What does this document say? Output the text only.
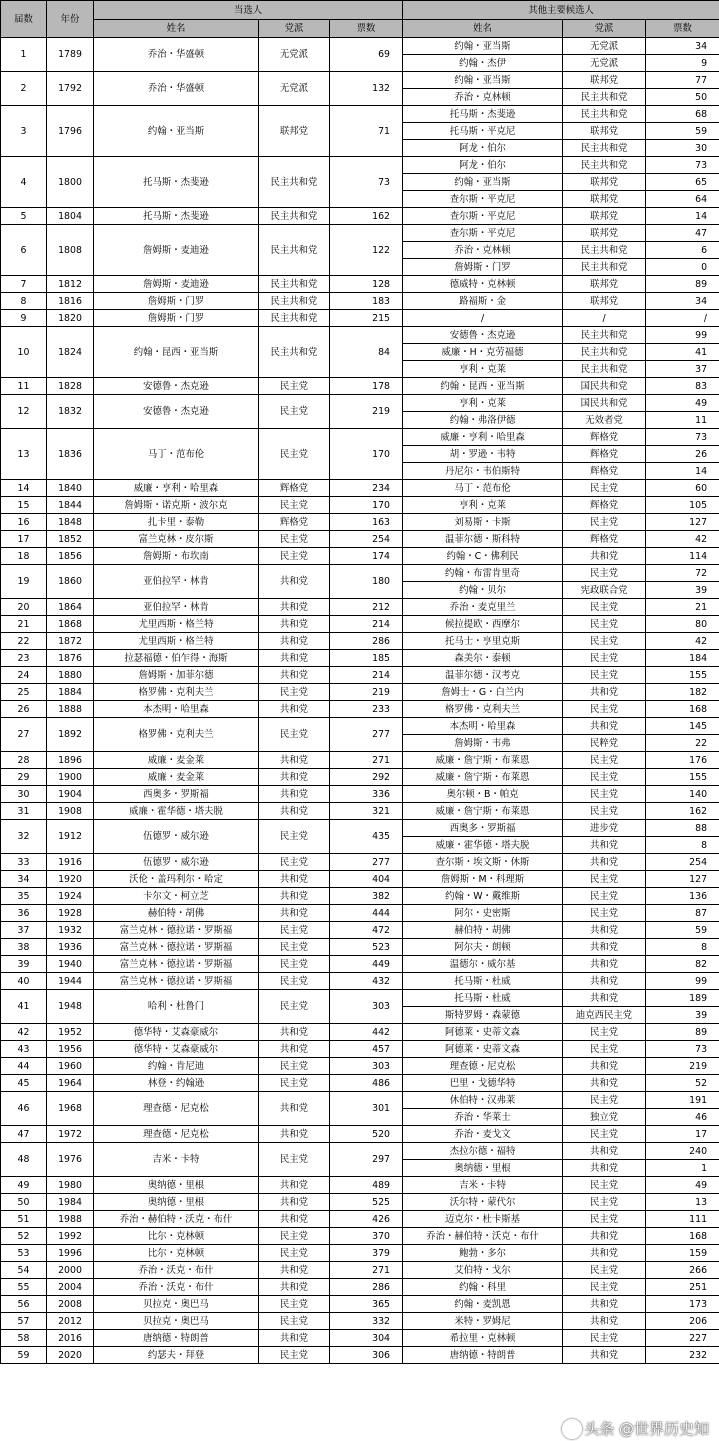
届数	年份	当选人			其他主要候选人		
		姓名	党派	票数	姓名	党派	票数
1	1789	乔治・华盛顿	无党派	69	约翰・亚当斯	无党派	34
					约翰・杰伊	无党派	9
2	1792	乔治・华盛顿	无党派	132	约翰・亚当斯	联邦党	77
					乔治・克林顿	民主共和党	50
3	1796	约翰・亚当斯	联邦党	71	托马斯・杰斐逊	民主共和党	68
					托马斯・平克尼	联邦党	59
					阿龙・伯尔	民主共和党	30
4	1800	托马斯・杰斐逊	民主共和党	73	阿龙・伯尔	民主共和党	73
					约翰・亚当斯	联邦党	65
					查尔斯・平克尼	联邦党	64
5	1804	托马斯・杰斐逊	民主共和党	162	查尔斯・平克尼	联邦党	14
6	1808	詹姆斯・麦迪逊	民主共和党	122	查尔斯・平克尼	联邦党	47
					乔治・克林顿	民主共和党	6
					詹姆斯・门罗	民主共和党	0
7	1812	詹姆斯・麦迪逊	民主共和党	128	德威特・克林顿	联邦党	89
8	1816	詹姆斯・门罗	民主共和党	183	路福斯・金	联邦党	34
9	1820	詹姆斯・门罗	民主共和党	215	/	/	/
10	1824	约翰・昆西・亚当斯	民主共和党	84	安德鲁・杰克逊	民主共和党	99
					威廉・H・克劳福德	民主共和党	41
					亨利・克莱	民主共和党	37
11	1828	安德鲁・杰克逊	民主党	178	约翰・昆西・亚当斯	国民共和党	83
12	1832	安德鲁・杰克逊	民主党	219	亨利・克莱	国民共和党	49
					约翰・弗洛伊德	无效者党	11
13	1836	马丁・范布伦	民主党	170	威廉・亨利・哈里森	辉格党	73
					胡・罗逊・韦特	辉格党	26
					丹尼尔・韦伯斯特	辉格党	14
14	1840	威廉・亨利・哈里森	辉格党	234	马丁・范布伦	民主党	60
15	1844	詹姆斯・诺克斯・波尔克	民主党	170	亨利・克莱	辉格党	105
16	1848	扎卡里・泰勒	辉格党	163	刘易斯・卡斯	民主党	127
17	1852	富兰克林・皮尔斯	民主党	254	温菲尔德・斯科特	辉格党	42
18	1856	詹姆斯・布坎南	民主党	174	约翰・C・佛利民	共和党	114
19	1860	亚伯拉罕・林肯	共和党	180	约翰・布雷肯里奇	民主党	72
					约翰・贝尔	宪政联合党	39
20	1864	亚伯拉罕・林肯	共和党	212	乔治・麦克里兰	民主党	21
21	1868	尤里西斯・格兰特	共和党	214	候拉提欧・西摩尔	民主党	80
22	1872	尤里西斯・格兰特	共和党	286	托马士・亨里克斯	民主党	42
23	1876	拉瑟福德・伯乍得・海斯	共和党	185	森美尔・泰顿	民主党	184
24	1880	詹姆斯・加菲尔德	共和党	214	温菲尔德・汉考克	民主党	155
25	1884	格罗佛・克利夫兰	民主党	219	詹姆士・G・白兰内	共和党	182
26	1888	本杰明・哈里森	共和党	233	格罗佛・克利夫兰	民主党	168
27	1892	格罗佛・克利夫兰	民主党	277	本杰明・哈里森	共和党	145
					詹姆斯・韦弗	民粹党	22
28	1896	威廉・麦金莱	共和党	271	威廉・詹宁斯・布莱恩	民主党	176
29	1900	威廉・麦金莱	共和党	292	威廉・詹宁斯・布莱恩	民主党	155
30	1904	西奥多・罗斯福	共和党	336	奥尔顿・B・帕克	民主党	140
31	1908	威廉・霍华德・塔夫脱	共和党	321	威廉・詹宁斯・布莱恩	民主党	162
32	1912	伍德罗・威尔逊	民主党	435	西奥多・罗斯福	进步党	88
					威廉・霍华德・塔夫脱	共和党	8
33	1916	伍德罗・威尔逊	民主党	277	查尔斯・埃文斯・休斯	共和党	254
34	1920	沃伦・盖玛利尔・哈定	共和党	404	詹姆斯・M・科理斯	民主党	127
35	1924	卡尔文・柯立芝	共和党	382	约翰・W・戴维斯	民主党	136
36	1928	赫伯特・胡佛	共和党	444	阿尔・史密斯	民主党	87
37	1932	富兰克林・德拉诺・罗斯福	民主党	472	赫伯特・胡佛	共和党	59
38	1936	富兰克林・德拉诺・罗斯福	民主党	523	阿尔夫・朗顿	共和党	8
39	1940	富兰克林・德拉诺・罗斯福	民主党	449	温德尔・威尔基	共和党	82
40	1944	富兰克林・德拉诺・罗斯福	民主党	432	托马斯・杜威	共和党	99
41	1948	哈利・杜鲁门	民主党	303	托马斯・杜威	共和党	189
					斯特罗姆・森蒙德	迪克西民主党	39
42	1952	德华特・艾森豪威尔	共和党	442	阿德莱・史蒂文森	民主党	89
43	1956	德华特・艾森豪威尔	共和党	457	阿德莱・史蒂文森	民主党	73
44	1960	约翰・肯尼迪	民主党	303	理查德・尼克松	共和党	219
45	1964	林登・约翰逊	民主党	486	巴里・戈德华特	共和党	52
46	1968	理查德・尼克松	共和党	301	休伯特・汉弗莱	民主党	191
					乔治・华莱士	独立党	46
47	1972	理查德・尼克松	共和党	520	乔治・麦戈文	民主党	17
48	1976	吉米・卡特	民主党	297	杰拉尔德・福特	共和党	240
					奥纳德・里根	共和党	1
49	1980	奥纳德・里根	共和党	489	吉米・卡特	民主党	49
50	1984	奥纳德・里根	共和党	525	沃尔特・蒙代尔	民主党	13
51	1988	乔治・赫伯特・沃克・布什	共和党	426	迈克尔・杜卡斯基	民主党	111
52	1992	比尔・克林顿	民主党	370	乔治・赫伯特・沃克・布什	共和党	168
53	1996	比尔・克林顿	民主党	379	鲍勃・多尔	共和党	159
54	2000	乔治・沃克・布什	共和党	271	艾伯特・戈尔	民主党	266
55	2004	乔治・沃克・布什	共和党	286	约翰・科里	民主党	251
56	2008	贝拉克・奥巴马	民主党	365	约翰・麦凯恩	共和党	173
57	2012	贝拉克・奥巴马	民主党	332	米特・罗姆尼	共和党	206
58	2016	唐纳德・特朗普	共和党	304	希拉里・克林顿	民主党	227
59	2020	约瑟夫・拜登	民主党	306	唐纳德・特朗普	共和党	232
头条 @世界历史知
